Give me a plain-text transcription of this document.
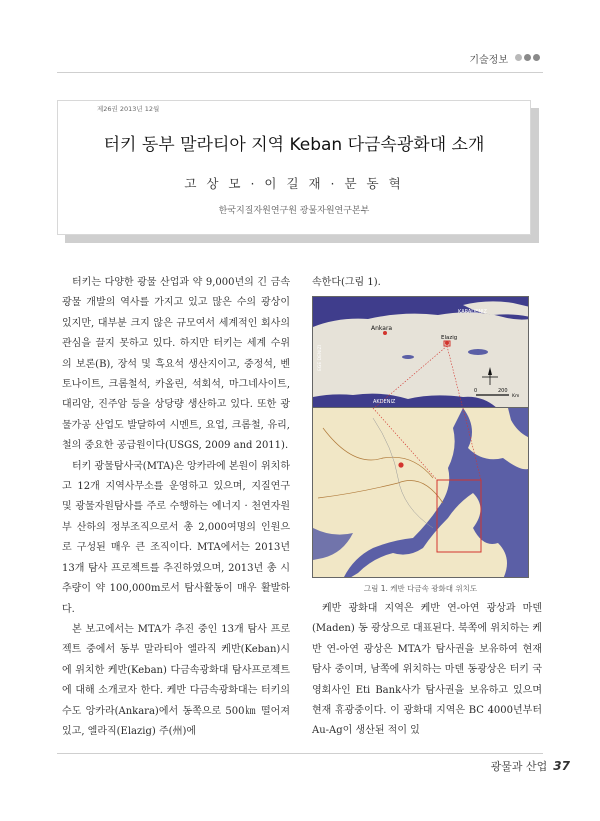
기술정보
제26권 2013년 12월
터키 동부 말라티아 지역 Keban 다금속광화대 소개
고 상 모 · 이 길 재 · 문 동 혁
한국지질자원연구원 광물자원연구본부

터키는 다양한 광물 산업과 약 9,000년의 긴 금속광물 개발의 역사를 가지고 있고 많은 수의 광상이 있지만, 대부분 크지 않은 규모여서 세계적인 회사의 관심을 끌지 못하고 있다. 하지만 터키는 세계 수위의 보론(B), 장석 및 흑요석 생산지이고, 중정석, 벤토나이트, 크롬철석, 카올린, 석회석, 마그네사이트, 대리암, 진주암 등을 상당량 생산하고 있다. 또한 광물가공 산업도 발달하여 시멘트, 요업, 크롬철, 유리, 철의 중요한 공급원이다(USGS, 2009 and 2011).

터키 광물탐사국(MTA)은 앙카라에 본원이 위치하고 12개 지역사무소를 운영하고 있으며, 지질연구 및 광물자원탐사를 주로 수행하는 에너지 · 천연자원부 산하의 정부조직으로서 총 2,000여명의 인원으로 구성된 매우 큰 조직이다. MTA에서는 2013년 13개 탐사 프로젝트를 추진하였으며, 2013년 총 시추량이 약 100,000m로서 탐사활동이 매우 활발하다.

본 보고에서는 MTA가 추진 중인 13개 탐사 프로젝트 중에서 동부 말라티아 엘라직 케반(Keban)시에 위치한 케반(Keban) 다금속광화대 탐사프로젝트에 대해 소개코자 한다. 케반 다금속광화대는 터키의 수도 앙카라(Ankara)에서 동쪽으로 500㎞ 떨어져 있고, 엘라직(Elazig) 주(州)에

속한다(그림 1).

KARADENIZ
AKDENIZ
EGE DENIZI
Ankara
Elazig
0	200
Km
그림 1. 케반 다금속 광화대 위치도

케반 광화대 지역은 케반 연-아연 광상과 마덴(Maden) 동 광상으로 대표된다. 북쪽에 위치하는 케반 연-아연 광상은 MTA가 탐사권을 보유하여 현재 탐사 중이며, 남쪽에 위치하는 마덴 동광상은 터키 국영회사인 Eti Bank사가 탐사권을 보유하고 있으며 현재 휴광중이다. 이 광화대 지역은 BC 4000년부터 Au-Ag이 생산된 적이 있

광물과 산업 37
